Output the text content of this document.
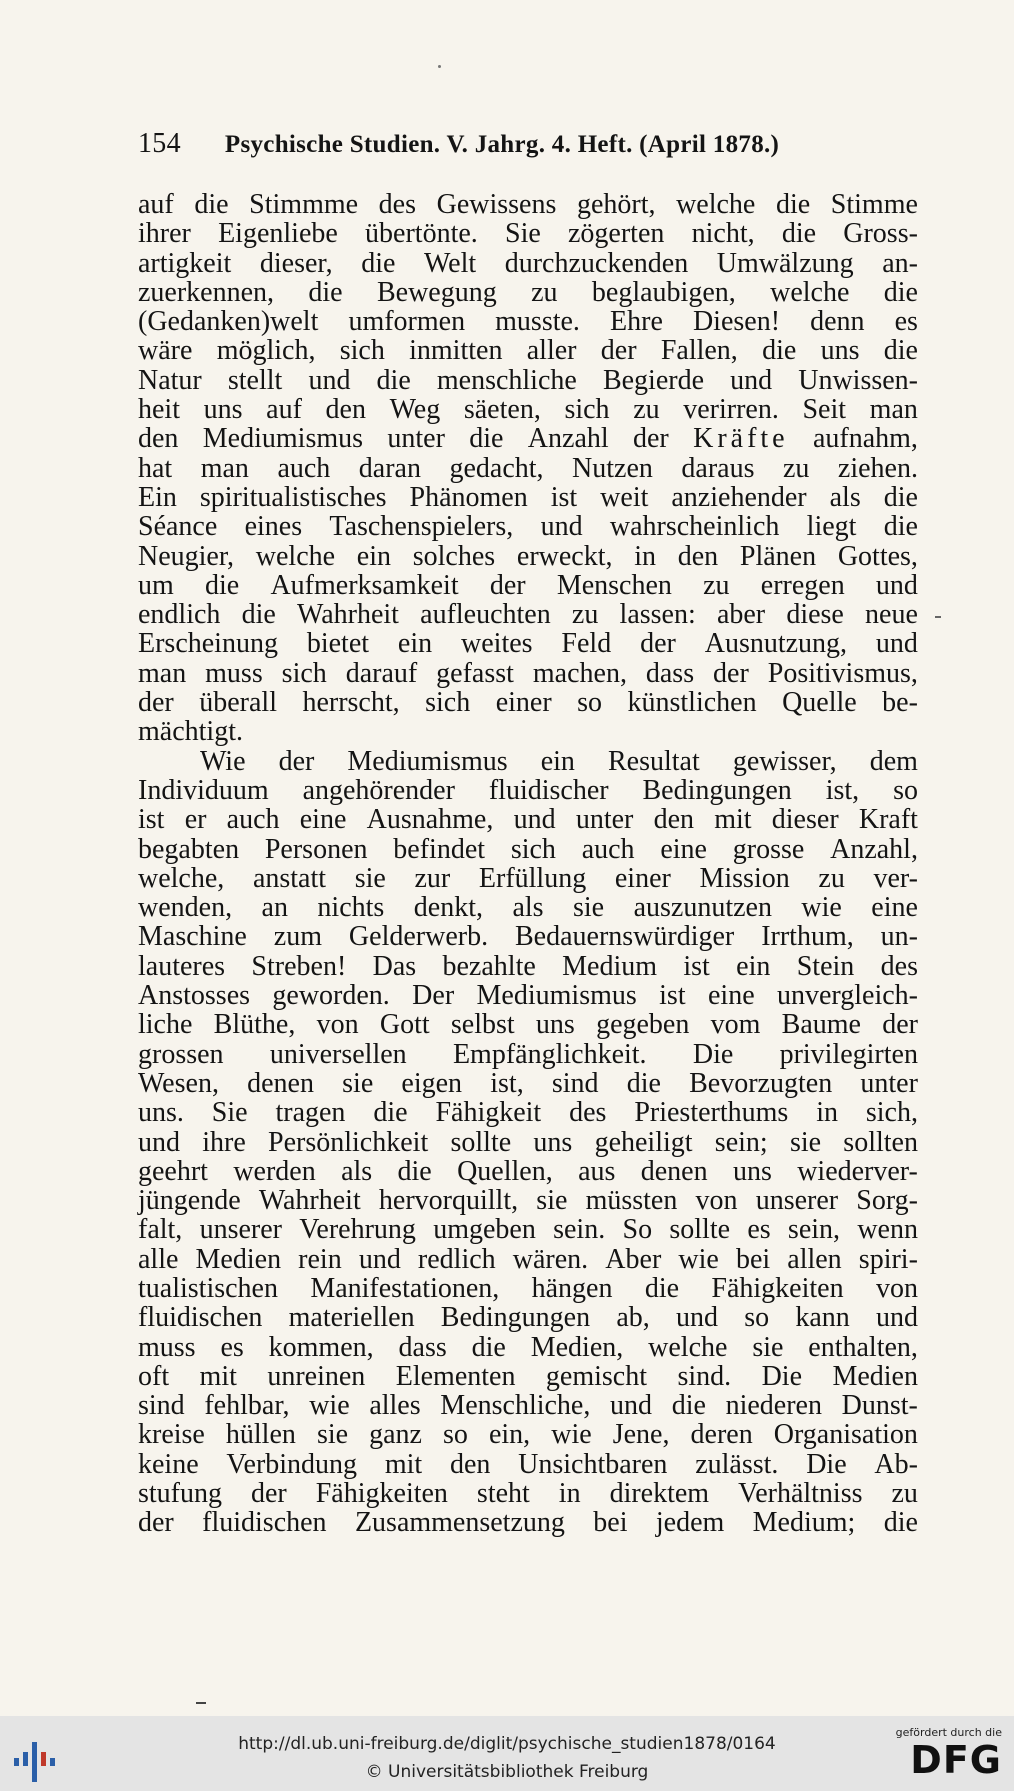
154 Psychische Studien. V. Jahrg. 4. Heft. (April 1878.)
auf die Stimmme des Gewissens gehört, welche die Stimme
ihrer Eigenliebe übertönte. Sie zögerten nicht, die Gross-
artigkeit dieser, die Welt durchzuckenden Umwälzung an-
zuerkennen, die Bewegung zu beglaubigen, welche die
(Gedanken)welt umformen musste. Ehre Diesen! denn es
wäre möglich, sich inmitten aller der Fallen, die uns die
Natur stellt und die menschliche Begierde und Unwissen-
heit uns auf den Weg säeten, sich zu verirren. Seit man
den Mediumismus unter die Anzahl der Kräfte aufnahm,
hat man auch daran gedacht, Nutzen daraus zu ziehen.
Ein spiritualistisches Phänomen ist weit anziehender als die
Séance eines Taschenspielers, und wahrscheinlich liegt die
Neugier, welche ein solches erweckt, in den Plänen Gottes,
um die Aufmerksamkeit der Menschen zu erregen und
endlich die Wahrheit aufleuchten zu lassen: aber diese neue
Erscheinung bietet ein weites Feld der Ausnutzung, und
man muss sich darauf gefasst machen, dass der Positivismus,
der überall herrscht, sich einer so künstlichen Quelle be-
mächtigt.
Wie der Mediumismus ein Resultat gewisser, dem
Individuum angehörender fluidischer Bedingungen ist, so
ist er auch eine Ausnahme, und unter den mit dieser Kraft
begabten Personen befindet sich auch eine grosse Anzahl,
welche, anstatt sie zur Erfüllung einer Mission zu ver-
wenden, an nichts denkt, als sie auszunutzen wie eine
Maschine zum Gelderwerb. Bedauernswürdiger Irrthum, un-
lauteres Streben! Das bezahlte Medium ist ein Stein des
Anstosses geworden. Der Mediumismus ist eine unvergleich-
liche Blüthe, von Gott selbst uns gegeben vom Baume der
grossen universellen Empfänglichkeit. Die privilegirten
Wesen, denen sie eigen ist, sind die Bevorzugten unter
uns. Sie tragen die Fähigkeit des Priesterthums in sich,
und ihre Persönlichkeit sollte uns geheiligt sein; sie sollten
geehrt werden als die Quellen, aus denen uns wiederver-
jüngende Wahrheit hervorquillt, sie müssten von unserer Sorg-
falt, unserer Verehrung umgeben sein. So sollte es sein, wenn
alle Medien rein und redlich wären. Aber wie bei allen spiri-
tualistischen Manifestationen, hängen die Fähigkeiten von
fluidischen materiellen Bedingungen ab, und so kann und
muss es kommen, dass die Medien, welche sie enthalten,
oft mit unreinen Elementen gemischt sind. Die Medien
sind fehlbar, wie alles Menschliche, und die niederen Dunst-
kreise hüllen sie ganz so ein, wie Jene, deren Organisation
keine Verbindung mit den Unsichtbaren zulässt. Die Ab-
stufung der Fähigkeiten steht in direktem Verhältniss zu
der fluidischen Zusammensetzung bei jedem Medium; die
http://dl.ub.uni-freiburg.de/diglit/psychische_studien1878/0164
© Universitätsbibliothek Freiburg
gefördert durch die
DFG
